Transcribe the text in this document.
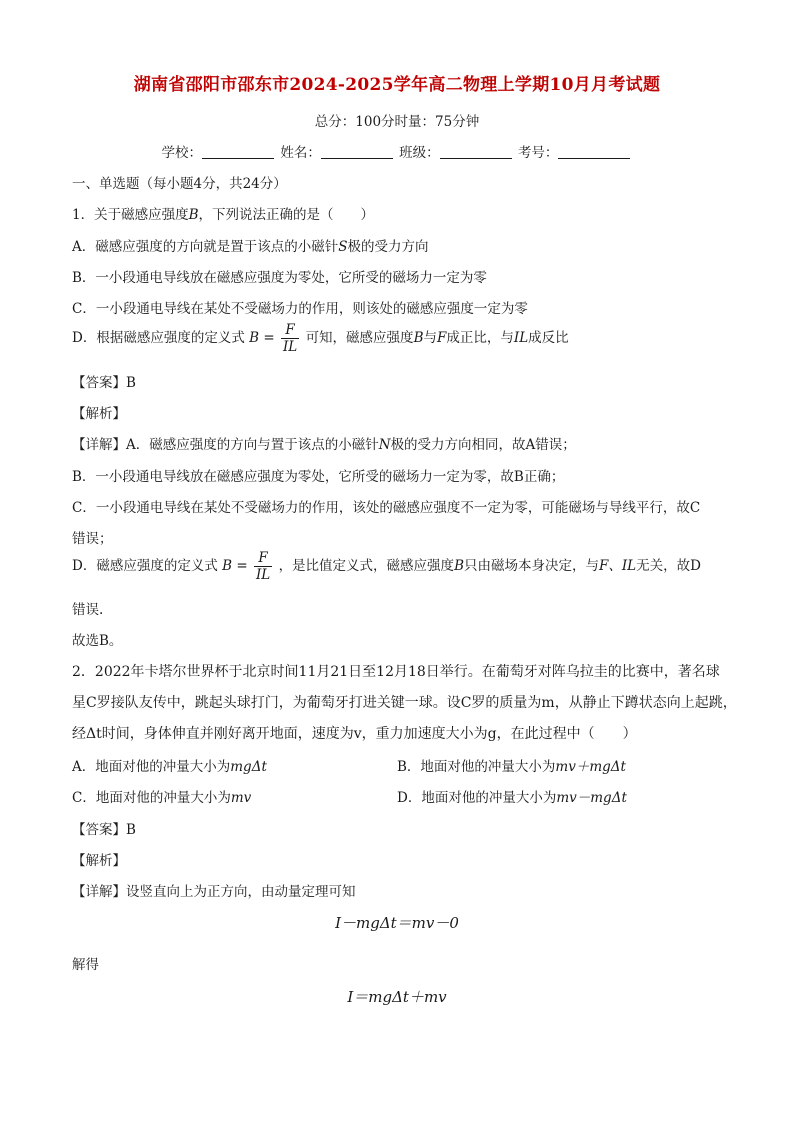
湖南省邵阳市邵东市2024-2025学年高二物理上学期10月月考试题
总分：100分时量：75分钟
学校：	姓名：	班级：	考号：
一、单选题（每小题4分，共24分）
1．关于磁感应强度B，下列说法正确的是（　　）
A．磁感应强度的方向就是置于该点的小磁针S极的受力方向
B．一小段通电导线放在磁感应强度为零处，它所受的磁场力一定为零
C．一小段通电导线在某处不受磁场力的作用，则该处的磁感应强度一定为零
D．根据磁感应强度的定义式 $B = \frac{F}{IL}$ 可知，磁感应强度B与F成正比，与IL成反比
【答案】B
【解析】
【详解】A．磁感应强度的方向与置于该点的小磁针N极的受力方向相同，故A错误；
B．一小段通电导线放在磁感应强度为零处，它所受的磁场力一定为零，故B正确；
C．一小段通电导线在某处不受磁场力的作用，该处的磁感应强度不一定为零，可能磁场与导线平行，故C
错误；
D．磁感应强度的定义式 $B = \frac{F}{IL}$ ，是比值定义式，磁感应强度B只由磁场本身决定，与F、IL无关，故D
错误.
故选B。
2．2022年卡塔尔世界杯于北京时间11月21日至12月18日举行。在葡萄牙对阵乌拉圭的比赛中，著名球
星C罗接队友传中，跳起头球打门，为葡萄牙打进关键一球。设C罗的质量为m，从静止下蹲状态向上起跳，
经Δt时间，身体伸直并刚好离开地面，速度为v，重力加速度大小为g，在此过程中（　　）
A．地面对他的冲量大小为mgΔt	B．地面对他的冲量大小为mv＋mgΔt
C．地面对他的冲量大小为mv	D．地面对他的冲量大小为mv－mgΔt
【答案】B
【解析】
【详解】设竖直向上为正方向，由动量定理可知
I－mgΔt＝mv－0
解得
I＝mgΔt＋mv
